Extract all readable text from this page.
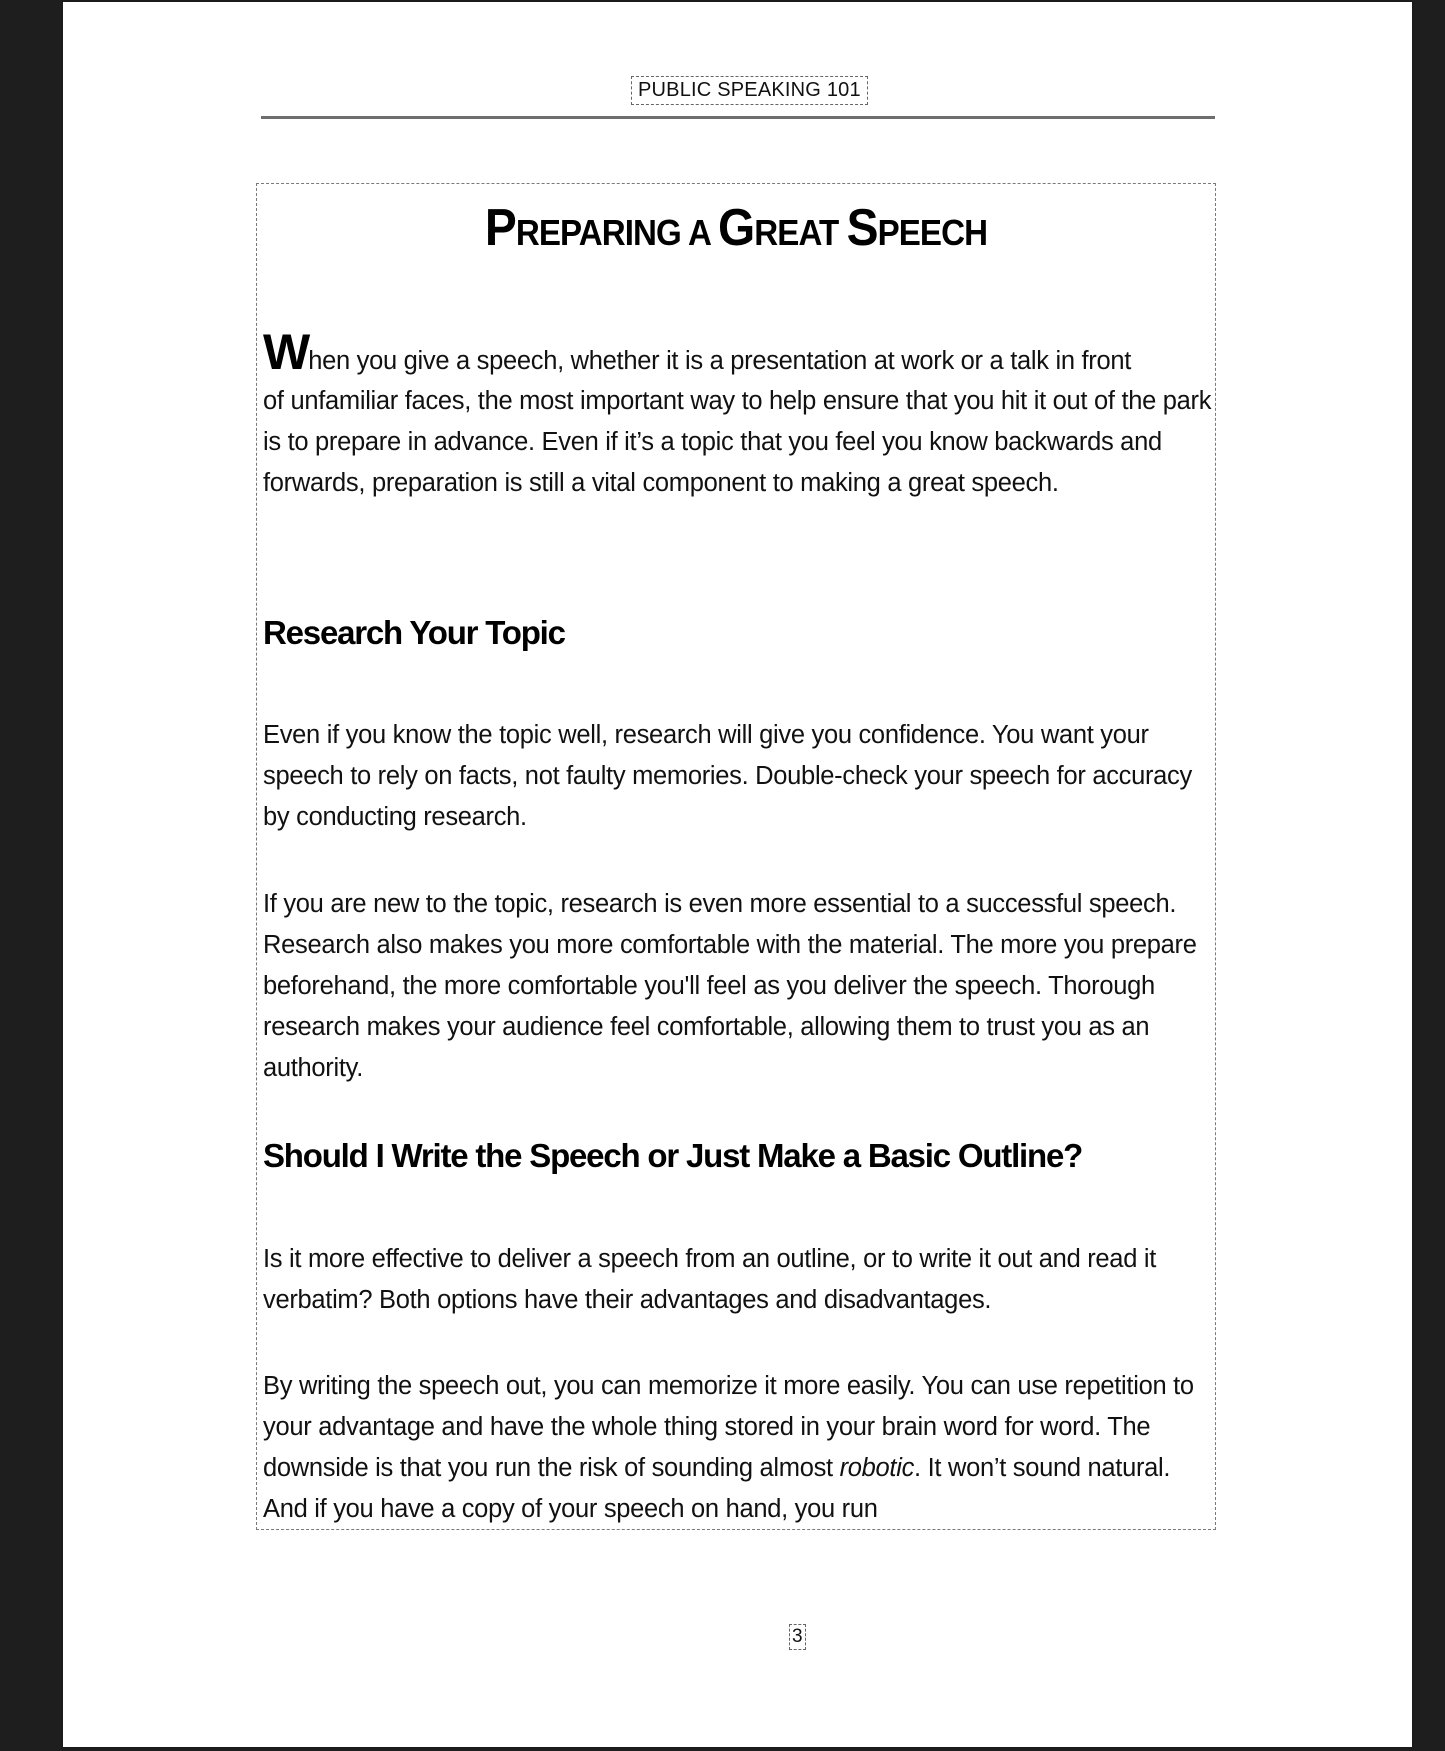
PUBLIC SPEAKING 101
PREPARING A GREAT SPEECH
When you give a speech, whether it is a presentation at work or a talk in front
of unfamiliar faces, the most important way to help ensure that you hit it out of the park is to prepare in advance. Even if it’s a topic that you feel you know backwards and forwards, preparation is still a vital component to making a great speech.
Research Your Topic

Even if you know the topic well, research will give you confidence. You want your speech to rely on facts, not faulty memories. Double-check your speech for accuracy by conducting research.

If you are new to the topic, research is even more essential to a successful speech. Research also makes you more comfortable with the material. The more you prepare beforehand, the more comfortable you'll feel as you deliver the speech. Thorough research makes your audience feel comfortable, allowing them to trust you as an authority.

Should I Write the Speech or Just Make a Basic Outline?

Is it more effective to deliver a speech from an outline, or to write it out and read it verbatim? Both options have their advantages and disadvantages.

By writing the speech out, you can memorize it more easily. You can use repetition to your advantage and have the whole thing stored in your brain word for word. The downside is that you run the risk of sounding almost robotic. It won’t sound natural. And if you have a copy of your speech on hand, you run

3
